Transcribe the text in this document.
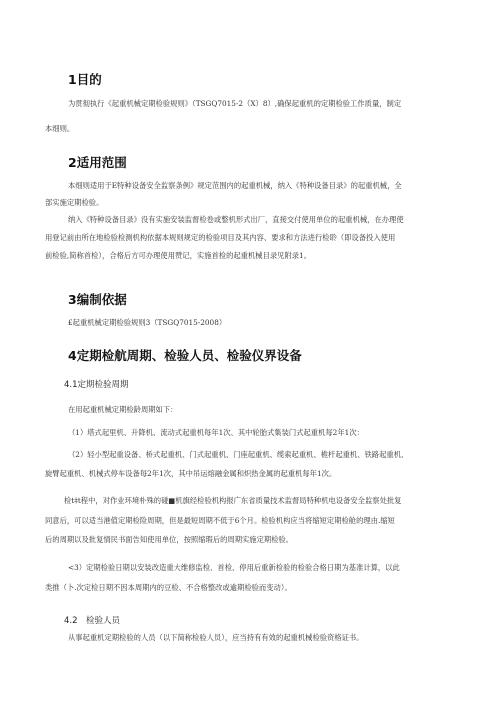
1目的
为贯彻执行《起重机械定期检验规则》（TSGQ7015-2（X）8）,确保起重机的定期检验工作质量，制定
本细则。
2适用范围
本细则适用于E特种设备安全监察条例》规定范围内的起重机械，纳入《特种设备目录》的起重机械，全
部实施定期检验。
纳入《特种设备目录》没有实施安装监督检卷或整机形式出厂，直接交付使用单位的起重机械，在办理使
用登记前由所在地检验检测机构依据本规则规定的检验项目及其内容、要求和方法进行检聆（即设备投入使用
前检验,简称首检），合格后方可办理使用赞记，实施首检的起重机械目录见附录1。
3编制依据
£起重机械定期检验规则3（TSGQ7015-2008）
4定期检航周期、检验人员、检验仪界设备
4.1定期检验周期
在用起重机械定期检龄周期如下：
（1）塔式起里机、升降机、流动式起重机每年1次、其中轮胎式集装门式起重机每2年1次：
（2）轻小型起重设备、桥式起重机、门式起重机、门座起重机、缆索起重机、桅杆起重机、铁路起重机、
旋臂起重机、机械式停车设备每2年1次，其中吊运熔融金属和炽热金属的起重机每年1次。
检t‡t程中，对作业环境朴殊的碰■机旗经检验机构报广东省质量技术监督局特种机电设备安全监察处批复
同意后，可以适当港值定期检险周期，但是最短周期不低于6个月。检验机构应当将缩短定期检舱的理由.缩短
后的周期以及批复情民书面告知使用单位，按照缩瑕后的周期实施定期检验。
<3）定期检验日期以安装改造重大维修监检、首检、停用后重新检验的检验合格日期为基准计算，以此
类推（卜.次定检日期不因本周期内的豆检、不合格整改或逾期检验而变动）。
4.2　检验人员
从事起重机定期检验的人员（以下简称检验人员），应当持有有效的起重机械检验资格证书。
